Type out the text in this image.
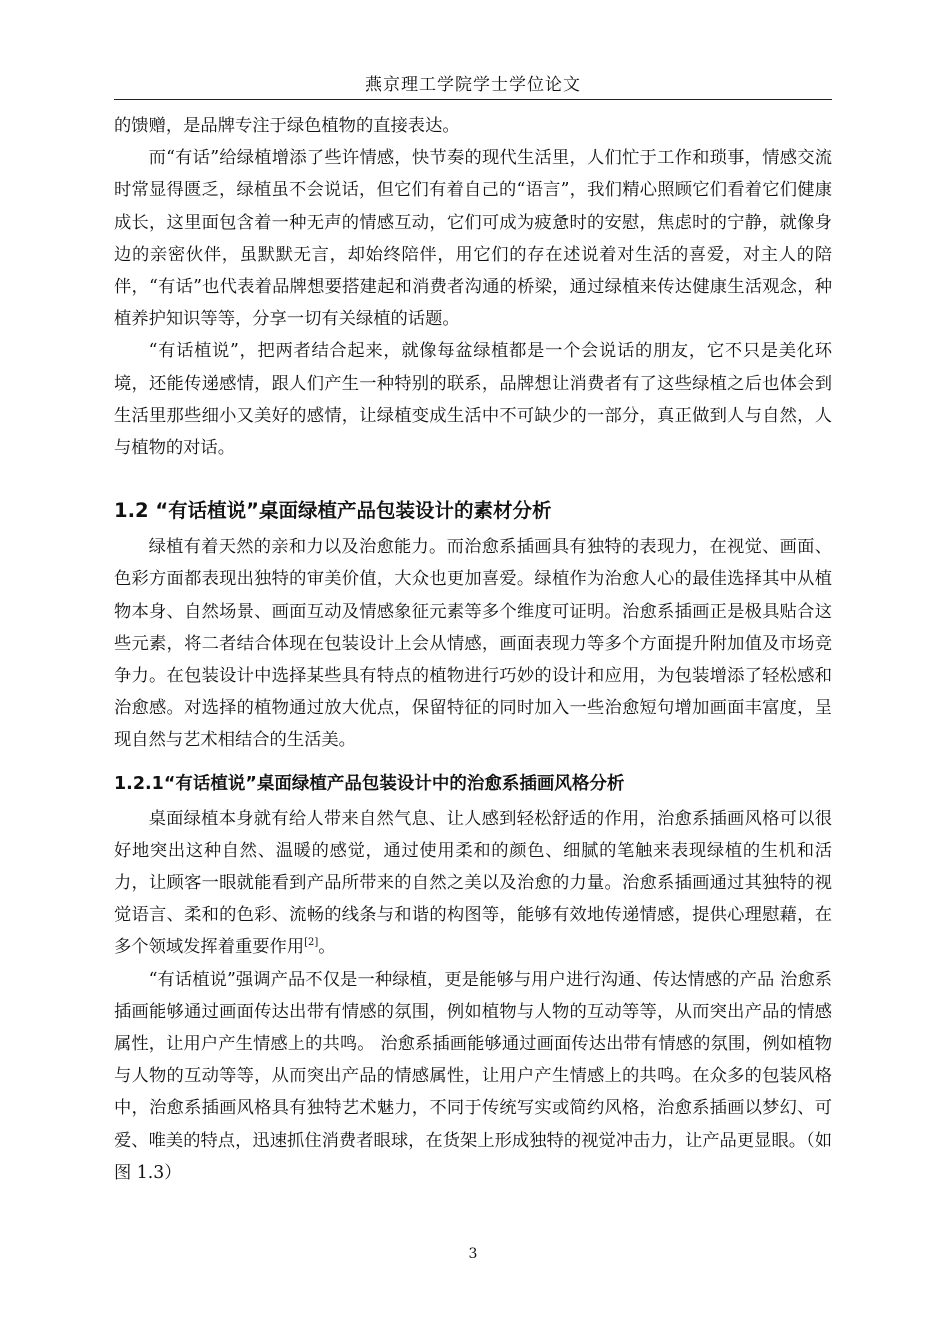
燕京理工学院学士学位论文

的馈赠，是品牌专注于绿色植物的直接表达。

而“有话”给绿植增添了些许情感，快节奏的现代生活里，人们忙于工作和琐事，情感交流时常显得匮乏，绿植虽不会说话，但它们有着自己的“语言”，我们精心照顾它们看着它们健康成长，这里面包含着一种无声的情感互动，它们可成为疲惫时的安慰，焦虑时的宁静，就像身边的亲密伙伴，虽默默无言，却始终陪伴，用它们的存在述说着对生活的喜爱，对主人的陪伴，“有话”也代表着品牌想要搭建起和消费者沟通的桥梁，通过绿植来传达健康生活观念，种植养护知识等等，分享一切有关绿植的话题。

“有话植说”，把两者结合起来，就像每盆绿植都是一个会说话的朋友，它不只是美化环境，还能传递感情，跟人们产生一种特别的联系，品牌想让消费者有了这些绿植之后也体会到生活里那些细小又美好的感情，让绿植变成生活中不可缺少的一部分，真正做到人与自然，人与植物的对话。

1.2 “有话植说”桌面绿植产品包装设计的素材分析

绿植有着天然的亲和力以及治愈能力。而治愈系插画具有独特的表现力，在视觉、画面、色彩方面都表现出独特的审美价值，大众也更加喜爱。绿植作为治愈人心的最佳选择其中从植物本身、自然场景、画面互动及情感象征元素等多个维度可证明。治愈系插画正是极具贴合这些元素，将二者结合体现在包装设计上会从情感，画面表现力等多个方面提升附加值及市场竞争力。在包装设计中选择某些具有特点的植物进行巧妙的设计和应用，为包装增添了轻松感和治愈感。对选择的植物通过放大优点，保留特征的同时加入一些治愈短句增加画面丰富度，呈现自然与艺术相结合的生活美。

1.2.1“有话植说”桌面绿植产品包装设计中的治愈系插画风格分析

桌面绿植本身就有给人带来自然气息、让人感到轻松舒适的作用，治愈系插画风格可以很好地突出这种自然、温暖的感觉，通过使用柔和的颜色、细腻的笔触来表现绿植的生机和活力，让顾客一眼就能看到产品所带来的自然之美以及治愈的力量。治愈系插画通过其独特的视觉语言、柔和的色彩、流畅的线条与和谐的构图等，能够有效地传递情感，提供心理慰藉，在多个领域发挥着重要作用[2]。

“有话植说”强调产品不仅是一种绿植，更是能够与用户进行沟通、传达情感的产品 治愈系插画能够通过画面传达出带有情感的氛围，例如植物与人物的互动等等，从而突出产品的情感属性，让用户产生情感上的共鸣。 治愈系插画能够通过画面传达出带有情感的氛围，例如植物与人物的互动等等，从而突出产品的情感属性，让用户产生情感上的共鸣。在众多的包装风格中，治愈系插画风格具有独特艺术魅力，不同于传统写实或简约风格，治愈系插画以梦幻、可爱、唯美的特点，迅速抓住消费者眼球，在货架上形成独特的视觉冲击力，让产品更显眼。（如图 1.3）

3
